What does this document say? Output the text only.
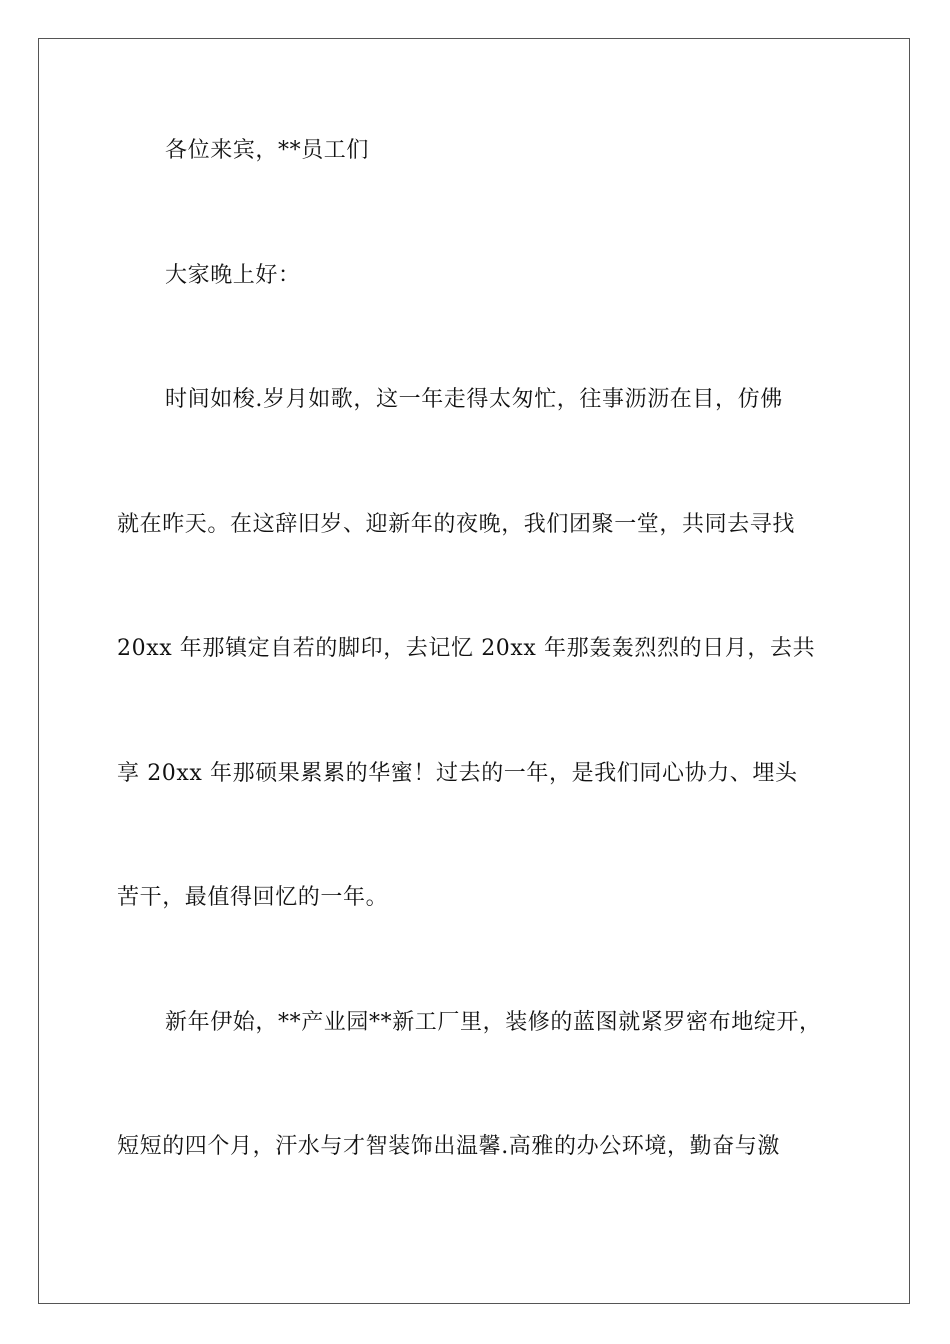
各位来宾，**员工们
大家晚上好：
时间如梭.岁月如歌，这一年走得太匆忙，往事沥沥在目，仿佛
就在昨天。在这辞旧岁、迎新年的夜晚，我们团聚一堂，共同去寻找
20xx 年那镇定自若的脚印，去记忆 20xx 年那轰轰烈烈的日月，去共
享 20xx 年那硕果累累的华蜜！过去的一年，是我们同心协力、埋头
苦干，最值得回忆的一年。
新年伊始，**产业园**新工厂里，装修的蓝图就紧罗密布地绽开，
短短的四个月，汗水与才智装饰出温馨.高雅的办公环境，勤奋与激
